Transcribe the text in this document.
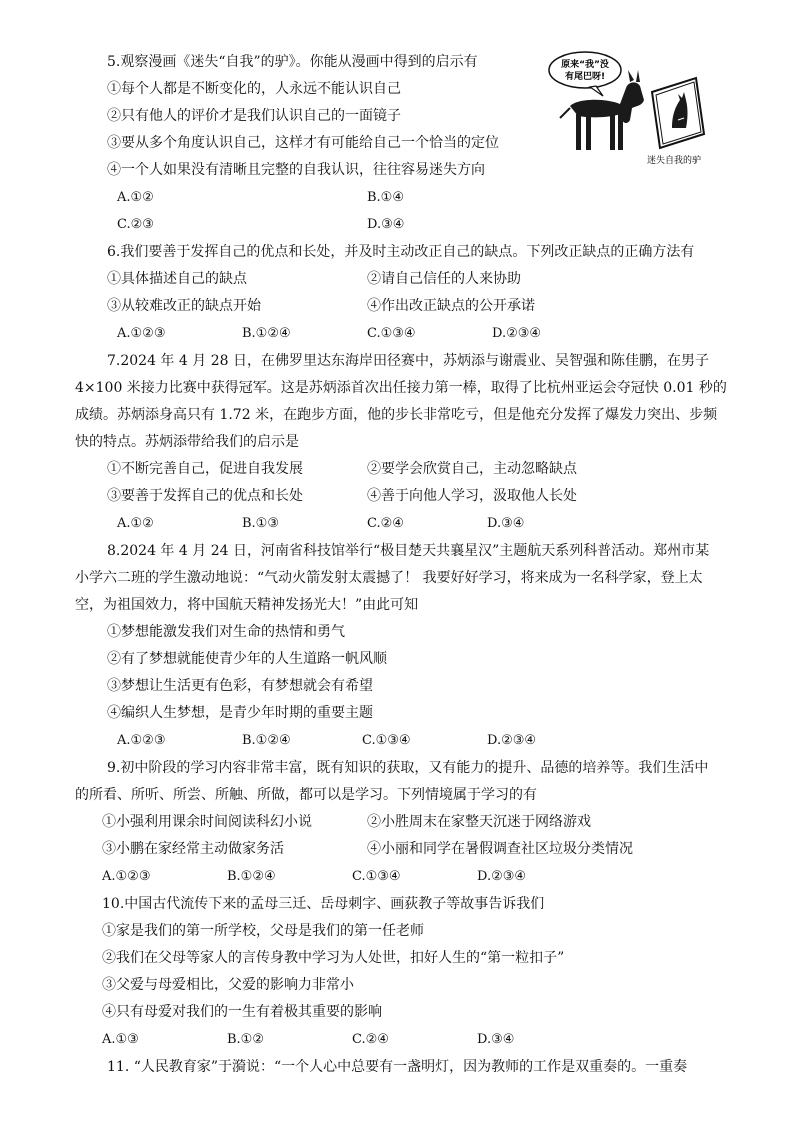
5.观察漫画《迷失“自我”的驴》。你能从漫画中得到的启示有
①每个人都是不断变化的，人永远不能认识自己
②只有他人的评价才是我们认识自己的一面镜子
③要从多个角度认识自己，这样才有可能给自己一个恰当的定位
④一个人如果没有清晰且完整的自我认识，往往容易迷失方向
A.①②	B.①④
C.②③	D.③④
原来“我”没
有尾巴呀!
迷失自我的驴
6.我们要善于发挥自己的优点和长处，并及时主动改正自己的缺点。下列改正缺点的正确方法有
①具体描述自己的缺点	②请自己信任的人来协助
③从较难改正的缺点开始	④作出改正缺点的公开承诺
A.①②③	B.①②④	C.①③④	D.②③④
7.2024 年 4 月 28 日，在佛罗里达东海岸田径赛中，苏炳添与谢震业、吴智强和陈佳鹏，在男子
4×100 米接力比赛中获得冠军。这是苏炳添首次出任接力第一棒，取得了比杭州亚运会夺冠快 0.01 秒的
成绩。苏炳添身高只有 1.72 米，在跑步方面，他的步长非常吃亏，但是他充分发挥了爆发力突出、步频
快的特点。苏炳添带给我们的启示是
①不断完善自己，促进自我发展	②要学会欣赏自己，主动忽略缺点
③要善于发挥自己的优点和长处	④善于向他人学习，汲取他人长处
A.①②	B.①③	C.②④	D.③④
8.2024 年 4 月 24 日，河南省科技馆举行“极目楚天共襄星汉”主题航天系列科普活动。郑州市某
小学六二班的学生激动地说：“气动火箭发射太震撼了！ 我要好好学习，将来成为一名科学家，登上太
空，为祖国效力，将中国航天精神发扬光大！”由此可知
①梦想能激发我们对生命的热情和勇气
②有了梦想就能使青少年的人生道路一帆风顺
③梦想让生活更有色彩，有梦想就会有希望
④编织人生梦想，是青少年时期的重要主题
A.①②③	B.①②④	C.①③④	D.②③④
9.初中阶段的学习内容非常丰富，既有知识的获取，又有能力的提升、品德的培养等。我们生活中
的所看、所听、所尝、所触、所做，都可以是学习。下列情境属于学习的有
①小强利用课余时间阅读科幻小说	②小胜周末在家整天沉迷于网络游戏
③小鹏在家经常主动做家务活	④小丽和同学在暑假调查社区垃圾分类情况
A.①②③	B.①②④	C.①③④	D.②③④
10.中国古代流传下来的孟母三迁、岳母刺字、画荻教子等故事告诉我们
①家是我们的第一所学校，父母是我们的第一任老师
②我们在父母等家人的言传身教中学习为人处世，扣好人生的“第一粒扣子”
③父爱与母爱相比，父爱的影响力非常小
④只有母爱对我们的一生有着极其重要的影响
A.①③	B.①②	C.②④	D.③④
11. “人民教育家”于漪说：“一个人心中总要有一盏明灯，因为教师的工作是双重奏的。一重奏
